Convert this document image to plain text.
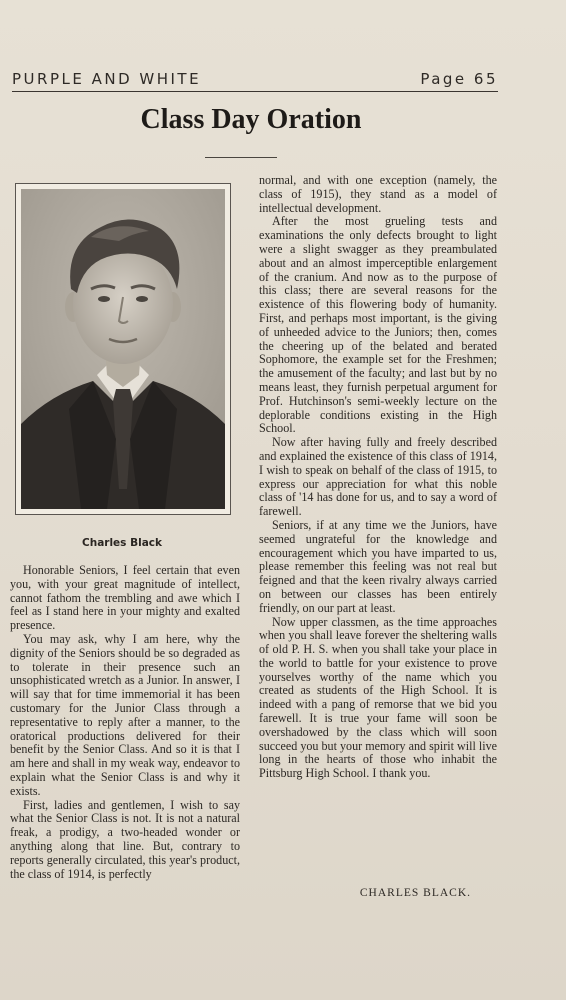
PURPLE AND WHITE	Page 65
Class Day Oration
Charles Black

Honorable Seniors, I feel certain that even you, with your great magnitude of intellect, cannot fathom the trembling and awe which I feel as I stand here in your mighty and exalted presence.

You may ask, why I am here, why the dignity of the Seniors should be so degraded as to tolerate in their presence such an unsophisticated wretch as a Junior. In answer, I will say that for time immemorial it has been customary for the Junior Class through a representative to reply after a manner, to the oratorical productions delivered for their benefit by the Senior Class. And so it is that I am here and shall in my weak way, endeavor to explain what the Senior Class is and why it exists.

First, ladies and gentlemen, I wish to say what the Senior Class is not. It is not a natural freak, a prodigy, a two-headed wonder or anything along that line. But, contrary to reports generally circulated, this year's product, the class of 1914, is perfectly

normal, and with one exception (namely, the class of 1915), they stand as a model of intellectual development.

After the most grueling tests and examinations the only defects brought to light were a slight swagger as they preambulated about and an almost imperceptible enlargement of the cranium. And now as to the purpose of this class; there are several reasons for the existence of this flowering body of humanity. First, and perhaps most important, is the giving of unheeded advice to the Juniors; then, comes the cheering up of the belated and berated Sophomore, the example set for the Freshmen; the amusement of the faculty; and last but by no means least, they furnish perpetual argument for Prof. Hutchinson's semi-weekly lecture on the deplorable conditions existing in the High School.

Now after having fully and freely described and explained the existence of this class of 1914, I wish to speak on behalf of the class of 1915, to express our appreciation for what this noble class of '14 has done for us, and to say a word of farewell.

Seniors, if at any time we the Juniors, have seemed ungrateful for the knowledge and encouragement which you have imparted to us, please remember this feeling was not real but feigned and that the keen rivalry always carried on between our classes has been entirely friendly, on our part at least.

Now upper classmen, as the time approaches when you shall leave forever the sheltering walls of old P. H. S. when you shall take your place in the world to battle for your existence to prove yourselves worthy of the name which you created as students of the High School. It is indeed with a pang of remorse that we bid you farewell. It is true your fame will soon be overshadowed by the class which will soon succeed you but your memory and spirit will live long in the hearts of those who inhabit the Pittsburg High School. I thank you.

CHARLES BLACK.
